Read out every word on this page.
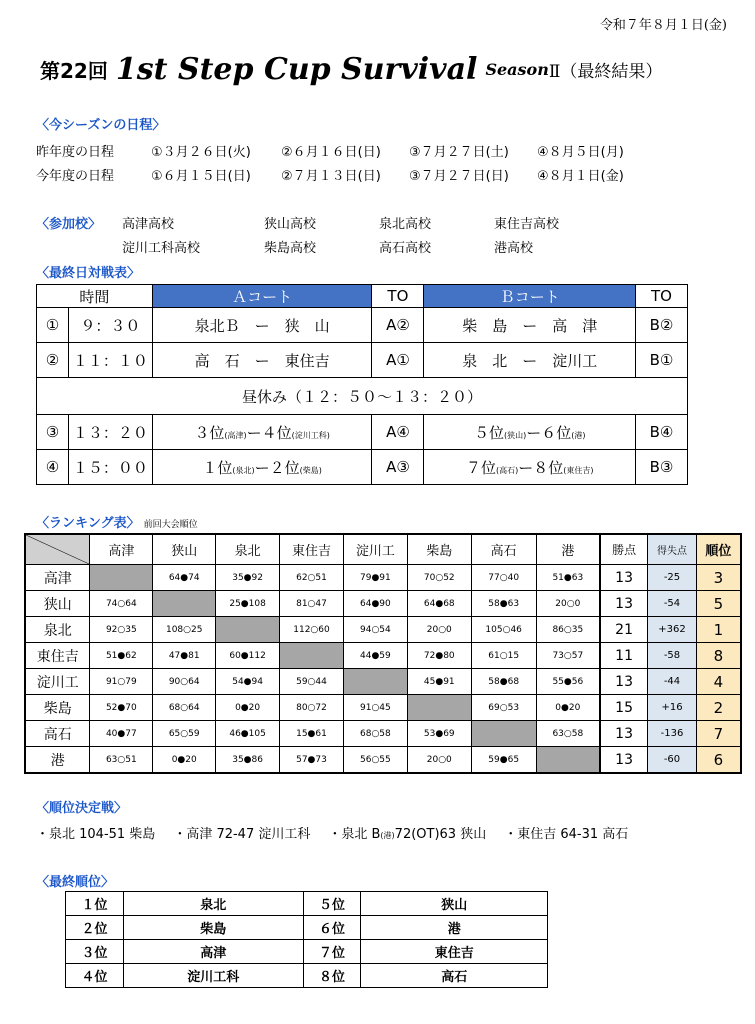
令和７年８月１日(金)
第22回 1st Step Cup Survival SeasonⅡ（最終結果）
〈今シーズンの日程〉
昨年度の日程	①３月２６日(火) ②６月１６日(日) ③７月２７日(土) ④８月５日(月)
今年度の日程	①６月１５日(日) ②７月１３日(日) ③７月２７日(日) ④８月１日(金)
〈参加校〉 高津高校	狭山高校	泉北高校	東住吉高校
淀川工科高校	柴島高校	高石高校	港高校
〈最終日対戦表〉
時間		Ａコート	TO	Ｂコート	TO
①	９：３０	泉北Ｂ　ー　狭　山	A②	柴　島　ー　高　津	B②
②	１１：１０	高　石　ー　東住吉	A①	泉　北　ー　淀川工	B①
昼休み（１２：５０～１３：２０）					
③	１３：２０	３位(高津)ー４位(淀川工科)	A④	５位(狭山)ー６位(港)	B④
④	１５：００	１位(泉北)ー２位(柴島)	A③	７位(高石)ー８位(東住吉)	B③
〈ランキング表〉 前回大会順位
	高津	狭山	泉北	東住吉	淀川工	柴島	高石	港	勝点	得失点	順位
高津		64●74	35●92	62○51	79●91	70○52	77○40	51●63	13	-25	3
狭山	74○64		25●108	81○47	64●90	64●68	58●63	20○0	13	-54	5
泉北	92○35	108○25		112○60	94○54	20○0	105○46	86○35	21	+362	1
東住吉	51●62	47●81	60●112		44●59	72●80	61○15	73○57	11	-58	8
淀川工	91○79	90○64	54●94	59○44		45●91	58●68	55●56	13	-44	4
柴島	52●70	68○64	0●20	80○72	91○45		69○53	0●20	15	+16	2
高石	40●77	65○59	46●105	15●61	68○58	53●69		63○58	13	-136	7
港	63○51	0●20	35●86	57●73	56○55	20○0	59●65		13	-60	6
〈順位決定戦〉
・泉北 104-51 柴島 ・高津 72-47 淀川工科 ・泉北 B(港)72(OT)63 狭山 ・東住吉 64-31 高石
〈最終順位〉
１位	泉北	５位	狭山
２位	柴島	６位	港
３位	高津	７位	東住吉
４位	淀川工科	８位	高石
